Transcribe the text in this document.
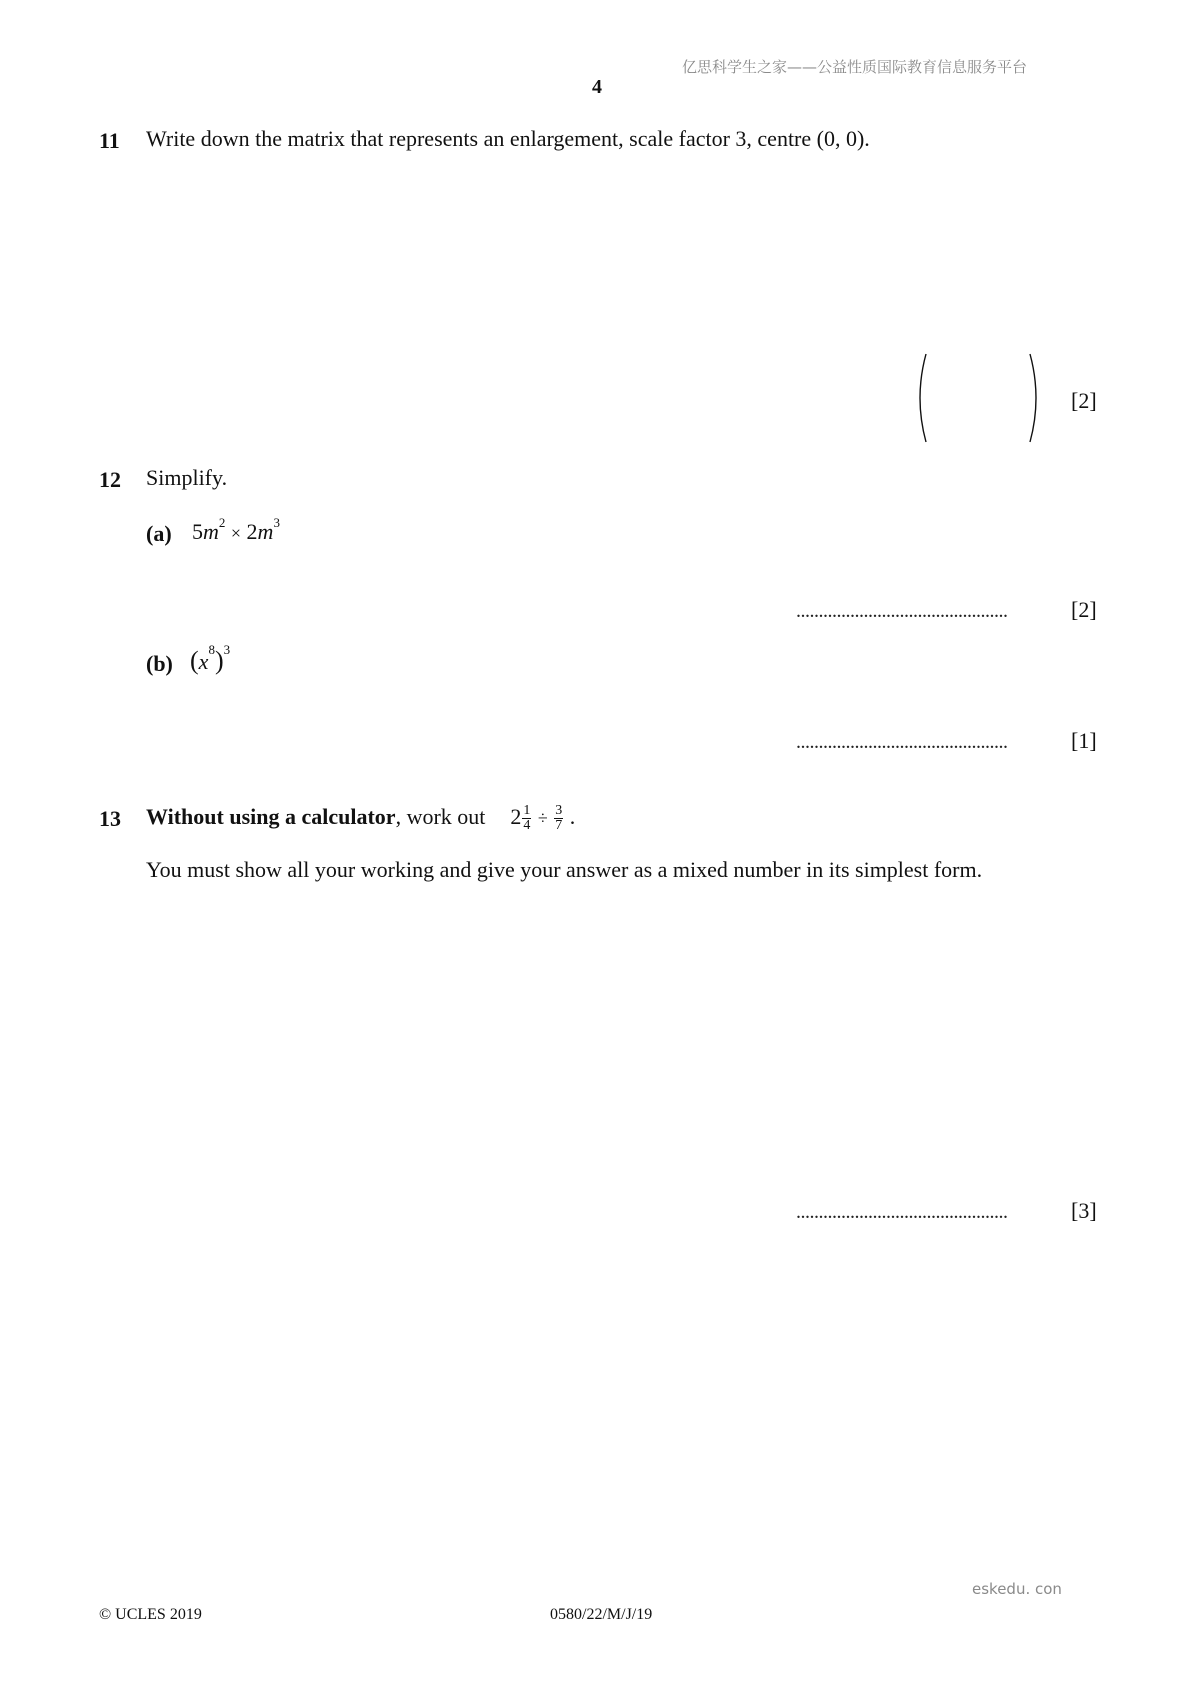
亿思科学生之家——公益性质国际教育信息服务平台
4
11 Write down the matrix that represents an enlargement, scale factor 3, centre (0, 0).
[2]
12 Simplify.
(a) $5m^2 \times 2m^3$
...............................................	[2]
(b) $(x^8)^3$
...............................................	[1]
13 Without using a calculator, work out $2 \frac{1}{4} \div \frac{3}{7}$ .
You must show all your working and give your answer as a mixed number in its simplest form.
...............................................	[3]
eskedu. con
© UCLES 2019	0580/22/M/J/19
